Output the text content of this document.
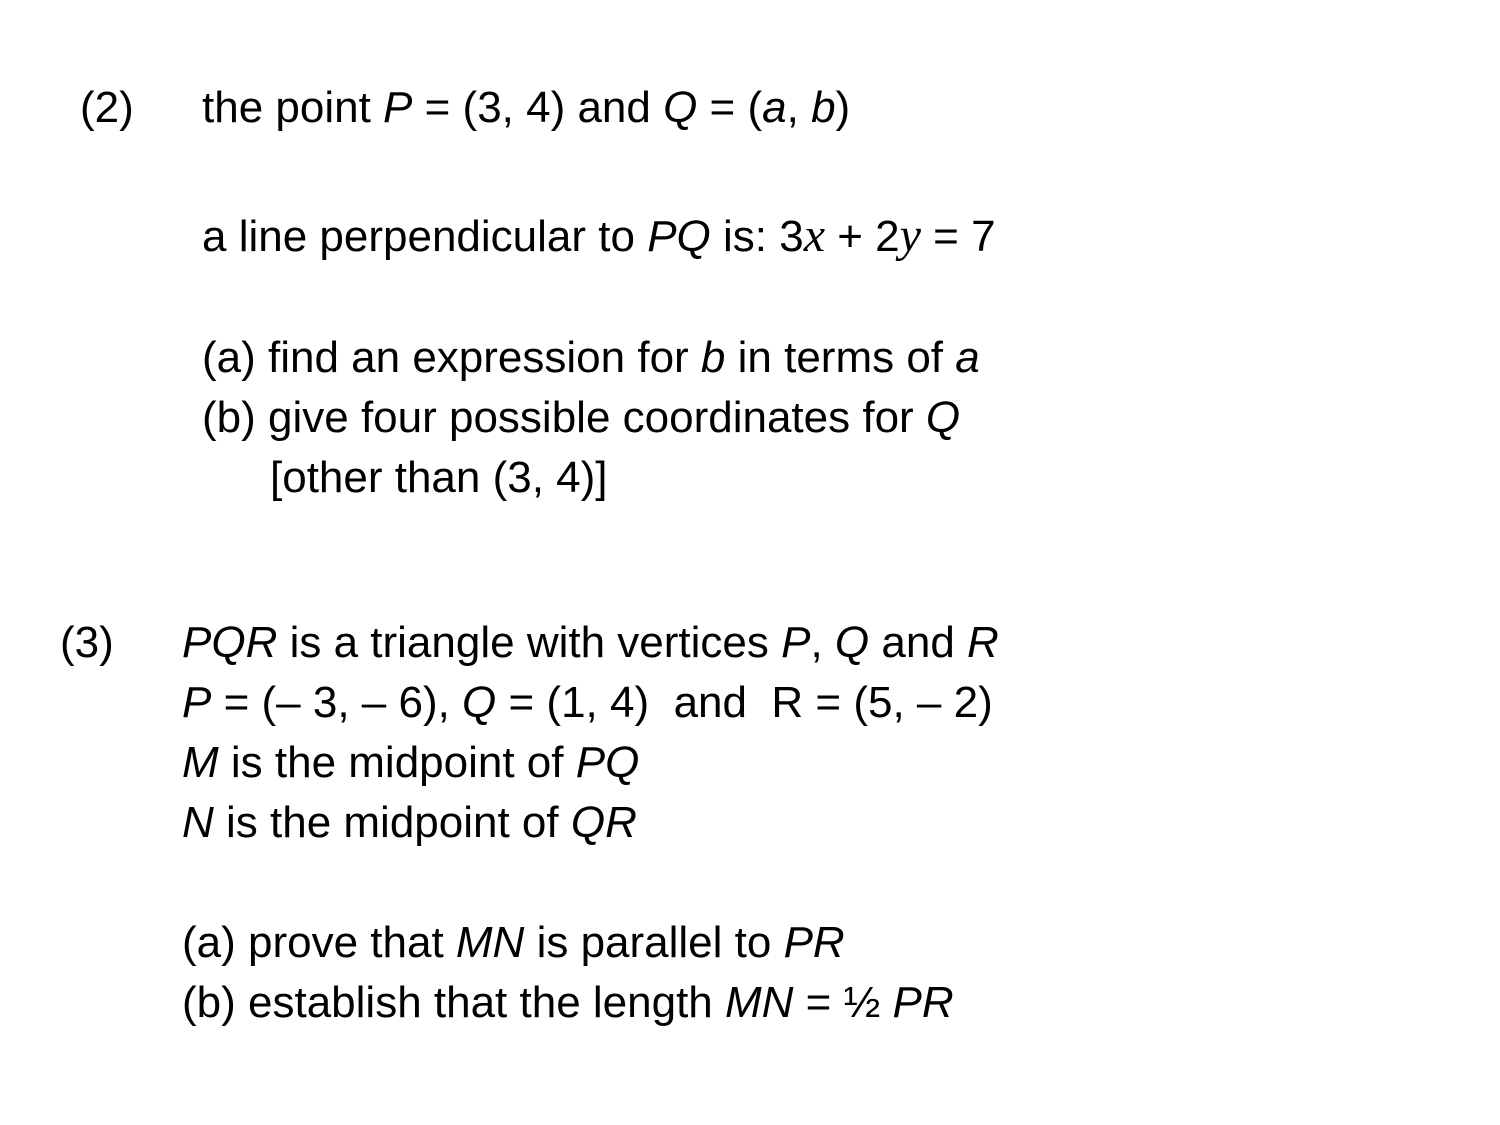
(2) the point P = (3, 4) and Q = (a, b)
a line perpendicular to PQ is: 3x + 2y = 7
(a) find an expression for b in terms of a
(b) give four possible coordinates for Q
[other than (3, 4)]
(3) PQR is a triangle with vertices P, Q and R
P = (– 3, – 6), Q = (1, 4)  and  R = (5, – 2)
M is the midpoint of PQ
N is the midpoint of QR
(a) prove that MN is parallel to PR
(b) establish that the length MN = ½ PR
